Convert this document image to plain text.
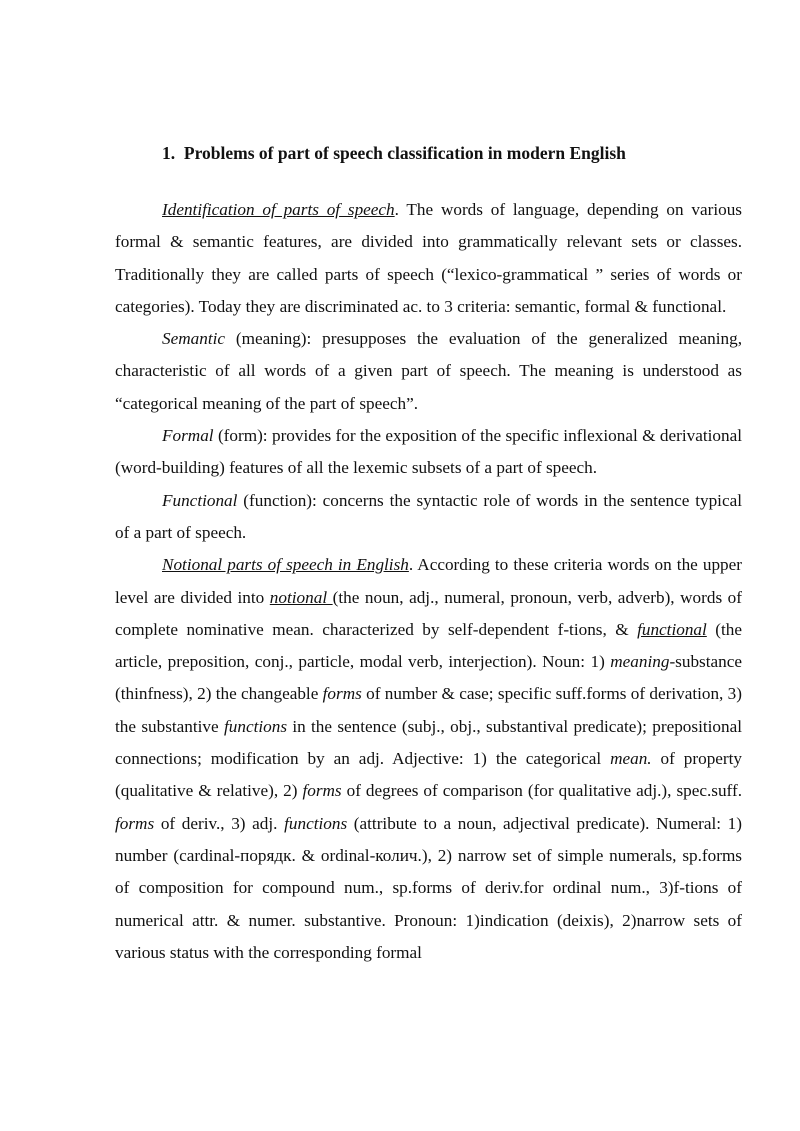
1. Problems of part of speech classification in modern English

Identification of parts of speech. The words of language, depending on various formal & semantic features, are divided into grammatically relevant sets or classes. Traditionally they are called parts of speech (“lexico-grammatical ” series of words or categories). Today they are discriminated ac. to 3 criteria: semantic, formal & functional.

Semantic (meaning): presupposes the evaluation of the generalized meaning, characteristic of all words of a given part of speech. The meaning is understood as “categorical meaning of the part of speech”.

Formal (form): provides for the exposition of the specific inflexional & derivational (word-building) features of all the lexemic subsets of a part of speech.

Functional (function): concerns the syntactic role of words in the sentence typical of a part of speech.

Notional parts of speech in English. According to these criteria words on the upper level are divided into notional (the noun, adj., numeral, pronoun, verb, adverb), words of complete nominative mean. characterized by self-dependent f-tions, & functional (the article, preposition, conj., particle, modal verb, interjection). Noun: 1) meaning-substance (thinfness), 2) the changeable forms of number & case; specific suff.forms of derivation, 3) the substantive functions in the sentence (subj., obj., substantival predicate); prepositional connections; modification by an adj. Adjective: 1) the categorical mean. of property (qualitative & relative), 2) forms of degrees of comparison (for qualitative adj.), spec.suff. forms of deriv., 3) adj. functions (attribute to a noun, adjectival predicate). Numeral: 1) number (cardinal-порядк. & ordinal-колич.), 2) narrow set of simple numerals, sp.forms of composition for compound num., sp.forms of deriv.for ordinal num., 3)f-tions of numerical attr. & numer. substantive. Pronoun: 1)indication (deixis), 2)narrow sets of various status with the corresponding formal
